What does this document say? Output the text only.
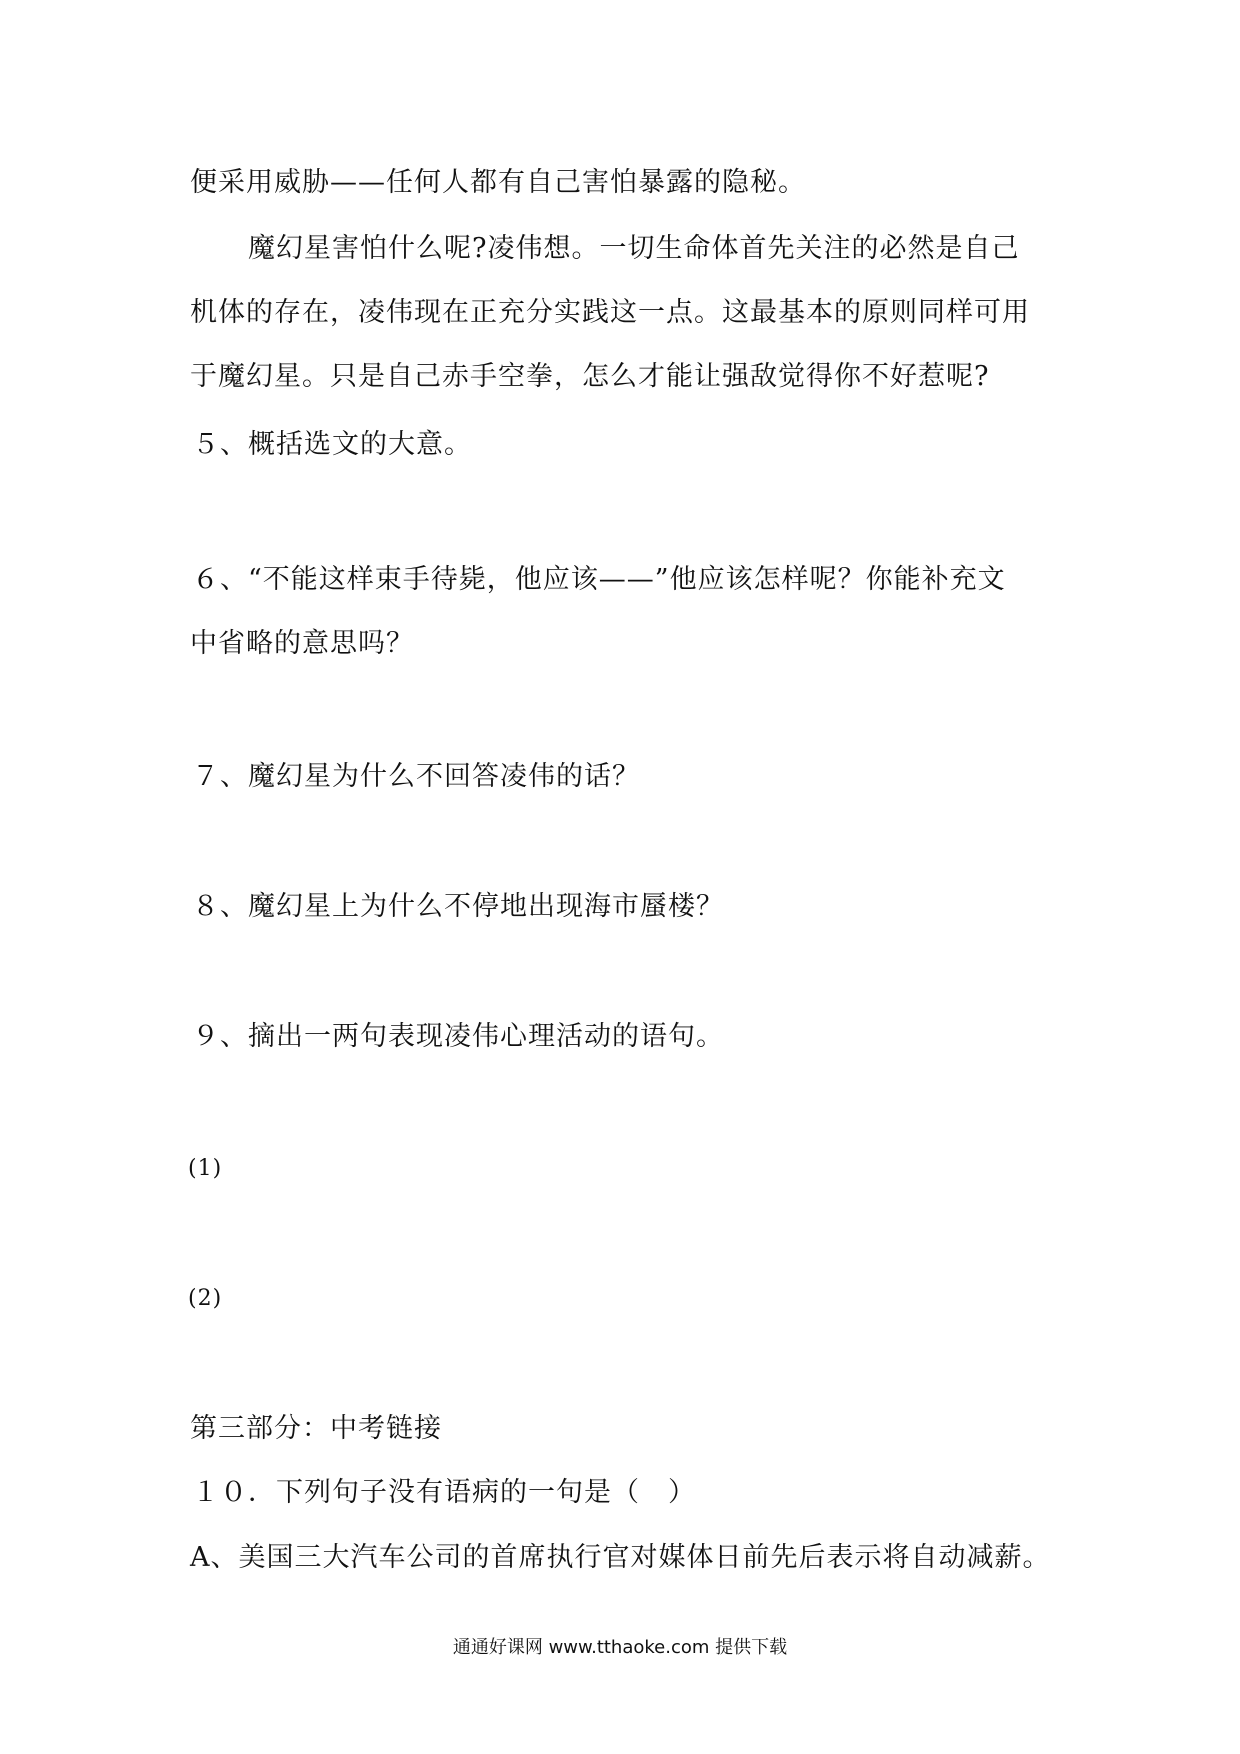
便采用威胁——任何人都有自己害怕暴露的隐秘。
魔幻星害怕什么呢?凌伟想。一切生命体首先关注的必然是自己
机体的存在，凌伟现在正充分实践这一点。这最基本的原则同样可用
于魔幻星。只是自己赤手空拳，怎么才能让强敌觉得你不好惹呢?
５、概括选文的大意。
６、“不能这样束手待毙，他应该——”他应该怎样呢？你能补充文
中省略的意思吗？
７、魔幻星为什么不回答凌伟的话？
８、魔幻星上为什么不停地出现海市蜃楼？
９、摘出一两句表现凌伟心理活动的语句。
(1)
(2)
第三部分：中考链接
１０．下列句子没有语病的一句是（　）
A、美国三大汽车公司的首席执行官对媒体日前先后表示将自动减薪。
通通好课网 www.tthaoke.com 提供下载
